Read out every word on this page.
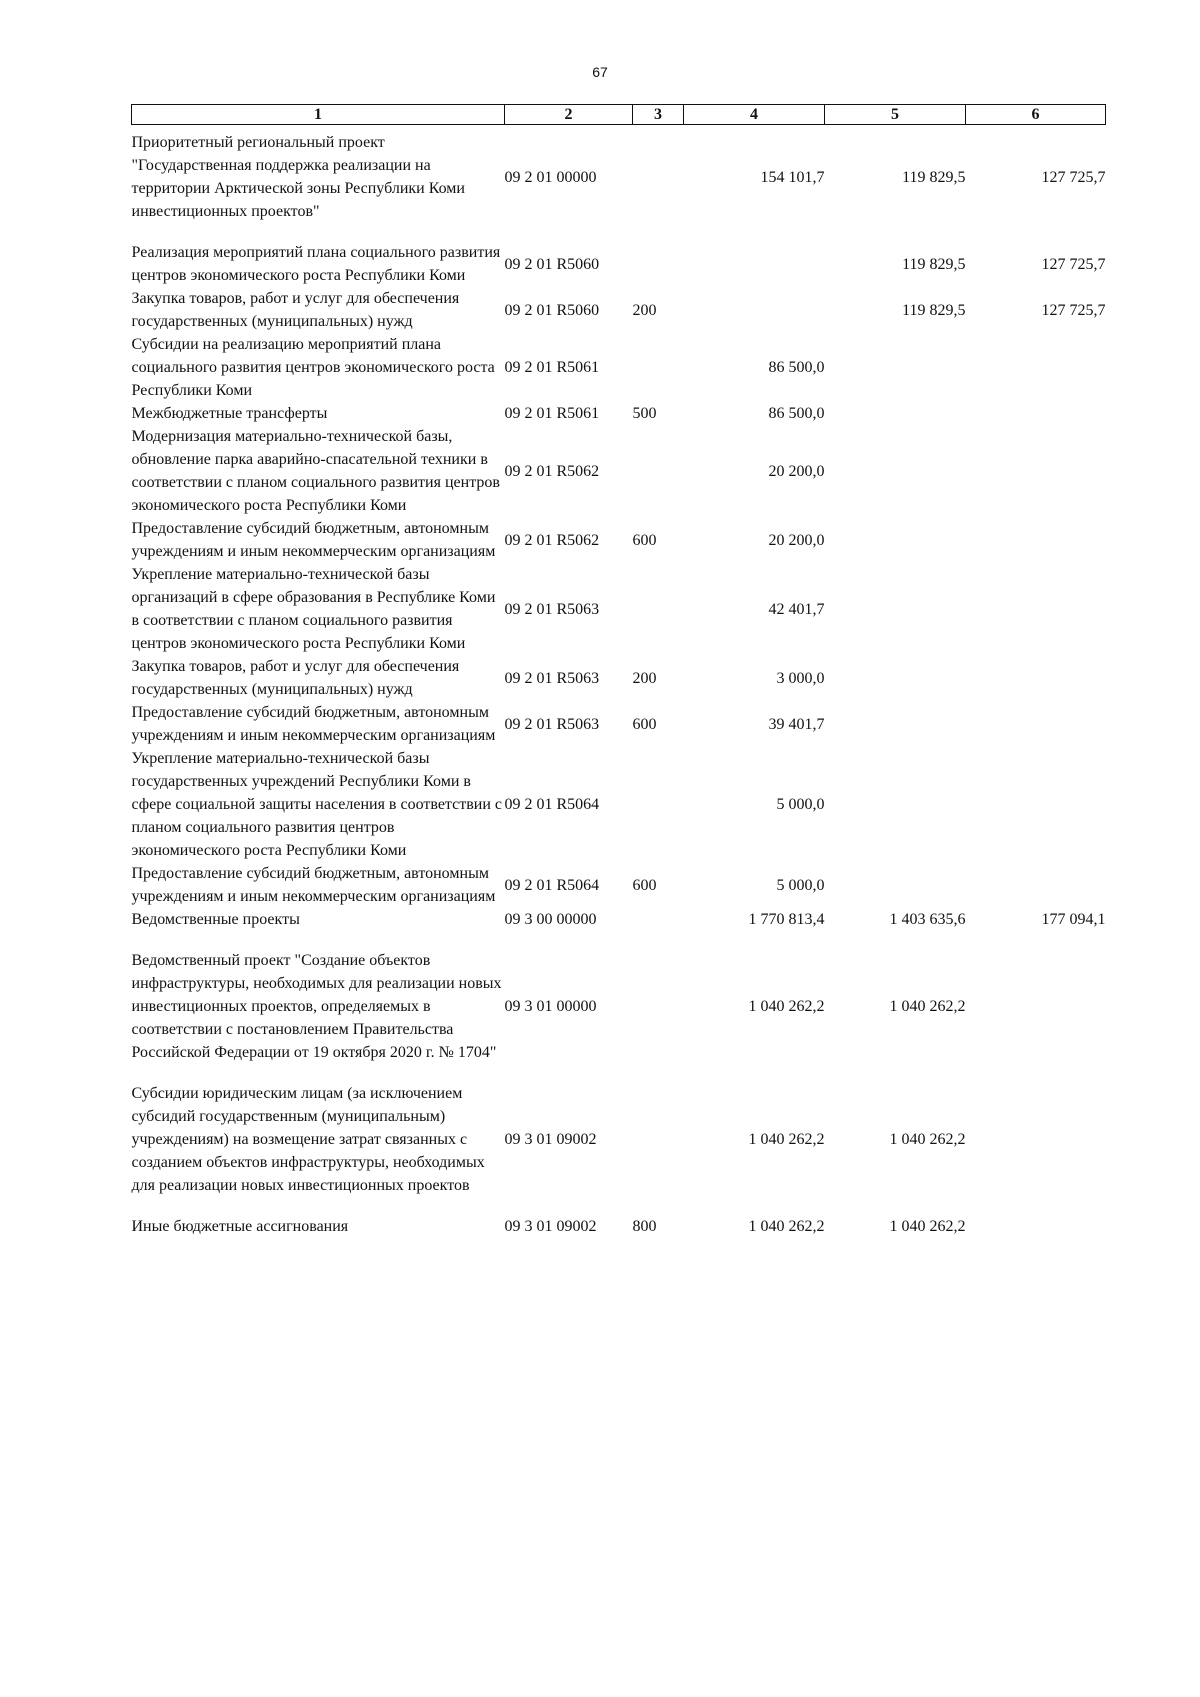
67
1	2	3	4	5	6
Приоритетный региональный проект "Государственная поддержка реализации на территории Арктической зоны Республики Коми инвестиционных проектов"	09 2 01 00000		154 101,7	119 829,5	127 725,7
Реализация мероприятий плана социального развития центров экономического роста Республики Коми	09 2 01 R5060			119 829,5	127 725,7
Закупка товаров, работ и услуг для обеспечения государственных (муниципальных) нужд	09 2 01 R5060	200		119 829,5	127 725,7
Субсидии на реализацию мероприятий плана социального развития центров экономического роста Республики Коми	09 2 01 R5061		86 500,0		
Межбюджетные трансферты	09 2 01 R5061	500	86 500,0		
Модернизация материально-технической базы, обновление парка аварийно-спасательной техники в соответствии с планом социального развития центров экономического роста Республики Коми	09 2 01 R5062		20 200,0		
Предоставление субсидий бюджетным, автономным учреждениям и иным некоммерческим организациям	09 2 01 R5062	600	20 200,0		
Укрепление материально-технической базы организаций в сфере образования в Республике Коми в соответствии с планом социального развития центров экономического роста Республики Коми	09 2 01 R5063		42 401,7		
Закупка товаров, работ и услуг для обеспечения государственных (муниципальных) нужд	09 2 01 R5063	200	3 000,0		
Предоставление субсидий бюджетным, автономным учреждениям и иным некоммерческим организациям	09 2 01 R5063	600	39 401,7		
Укрепление материально-технической базы государственных учреждений Республики Коми в сфере социальной защиты населения в соответствии с планом социального развития центров экономического роста Республики Коми	09 2 01 R5064		5 000,0		
Предоставление субсидий бюджетным, автономным учреждениям и иным некоммерческим организациям	09 2 01 R5064	600	5 000,0		
Ведомственные проекты	09 3 00 00000		1 770 813,4	1 403 635,6	177 094,1
Ведомственный проект "Создание объектов инфраструктуры, необходимых для реализации новых инвестиционных проектов, определяемых в соответствии с постановлением Правительства Российской Федерации от 19 октября 2020 г. № 1704"	09 3 01 00000		1 040 262,2	1 040 262,2	
Субсидии юридическим лицам (за исключением субсидий государственным (муниципальным) учреждениям) на возмещение затрат связанных с созданием объектов инфраструктуры, необходимых для реализации новых инвестиционных проектов	09 3 01 09002		1 040 262,2	1 040 262,2	
Иные бюджетные ассигнования	09 3 01 09002	800	1 040 262,2	1 040 262,2	
